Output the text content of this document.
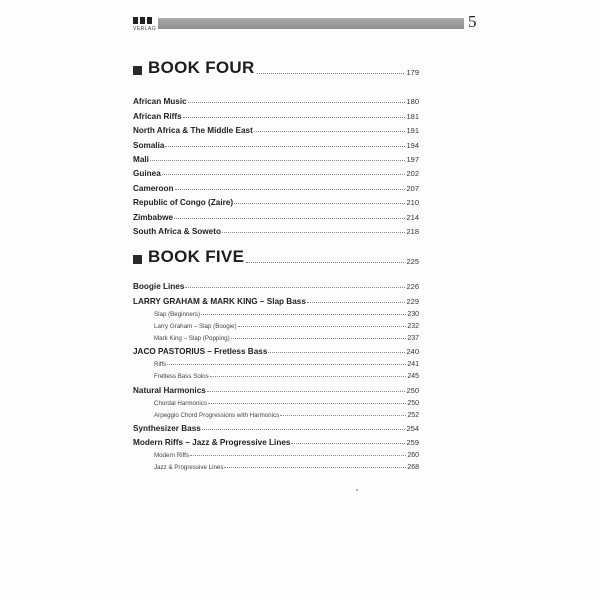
VERLAG	5
BOOK FOUR	179
African Music	180
African Riffs	181
North Africa & The Middle East	191
Somalia	194
Mali	197
Guinea	202
Cameroon	207
Republic of Congo (Zaire)	210
Zimbabwe	214
South Africa & Soweto	218
BOOK FIVE	225
Boogie Lines	226
LARRY GRAHAM & MARK KING – Slap Bass	229
Slap (Beginners)	230
Larry Graham – Slap (Boogie)	232
Mark King – Slap (Popping)	237
JACO PASTORIUS – Fretless Bass	240
Riffs	241
Fretless Bass Solos	245
Natural Harmonics	250
Chordal Harmonics	250
Arpeggio Chord Progressions with Harmonics	252
Synthesizer Bass	254
Modern Riffs – Jazz & Progressive Lines	259
Modern Riffs	260
Jazz & Progressive Lines	268
